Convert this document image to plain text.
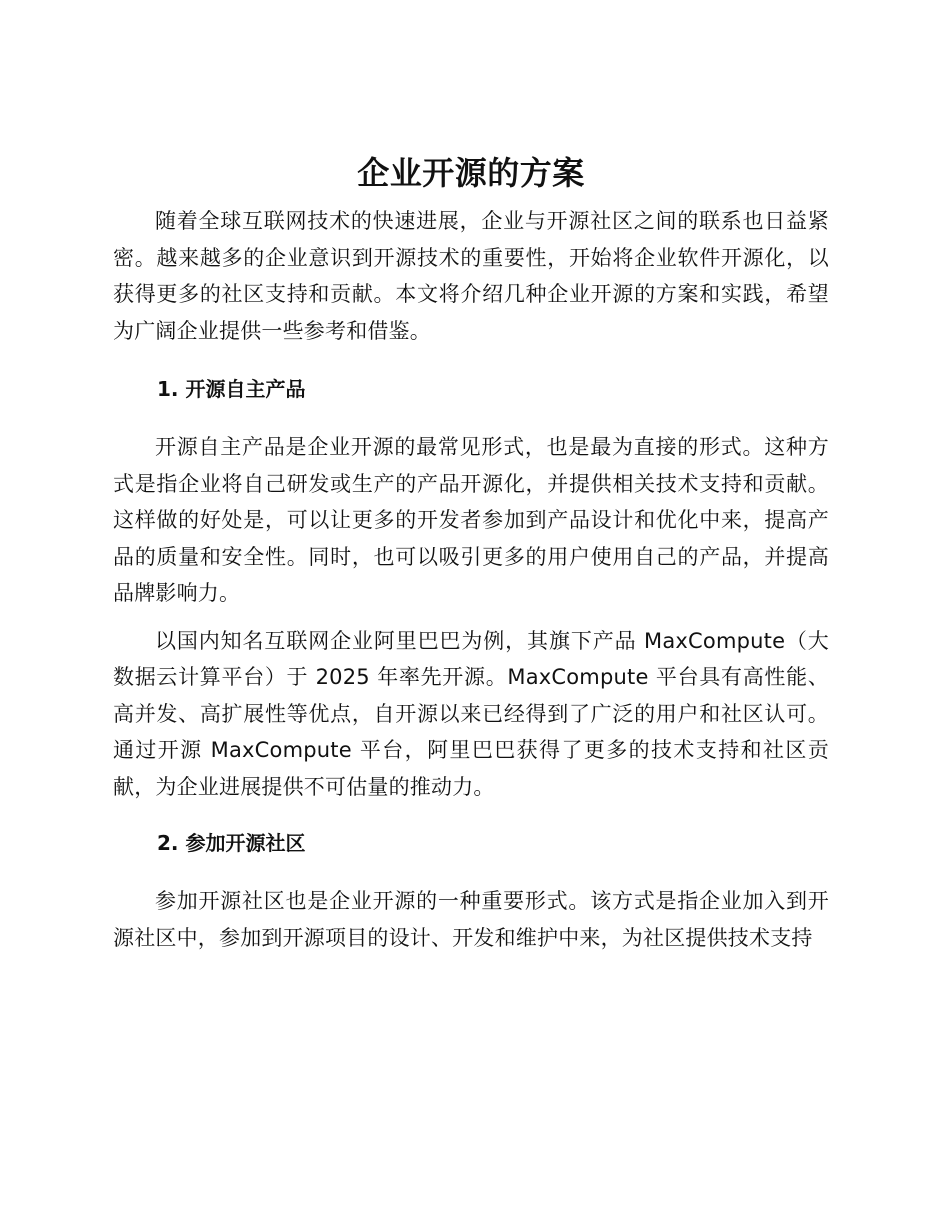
企业开源的方案

随着全球互联网技术的快速进展，企业与开源社区之间的联系也日益紧密。越来越多的企业意识到开源技术的重要性，开始将企业软件开源化，以获得更多的社区支持和贡献。本文将介绍几种企业开源的方案和实践，希望为广阔企业提供一些参考和借鉴。

1. 开源自主产品

开源自主产品是企业开源的最常见形式，也是最为直接的形式。这种方式是指企业将自己研发或生产的产品开源化，并提供相关技术支持和贡献。这样做的好处是，可以让更多的开发者参加到产品设计和优化中来，提高产品的质量和安全性。同时，也可以吸引更多的用户使用自己的产品，并提高品牌影响力。

以国内知名互联网企业阿里巴巴为例，其旗下产品 MaxCompute（大数据云计算平台）于 2025 年率先开源。MaxCompute 平台具有高性能、高并发、高扩展性等优点，自开源以来已经得到了广泛的用户和社区认可。通过开源 MaxCompute 平台，阿里巴巴获得了更多的技术支持和社区贡献，为企业进展提供不可估量的推动力。

2. 参加开源社区

参加开源社区也是企业开源的一种重要形式。该方式是指企业加入到开源社区中，参加到开源项目的设计、开发和维护中来，为社区提供技术支持
